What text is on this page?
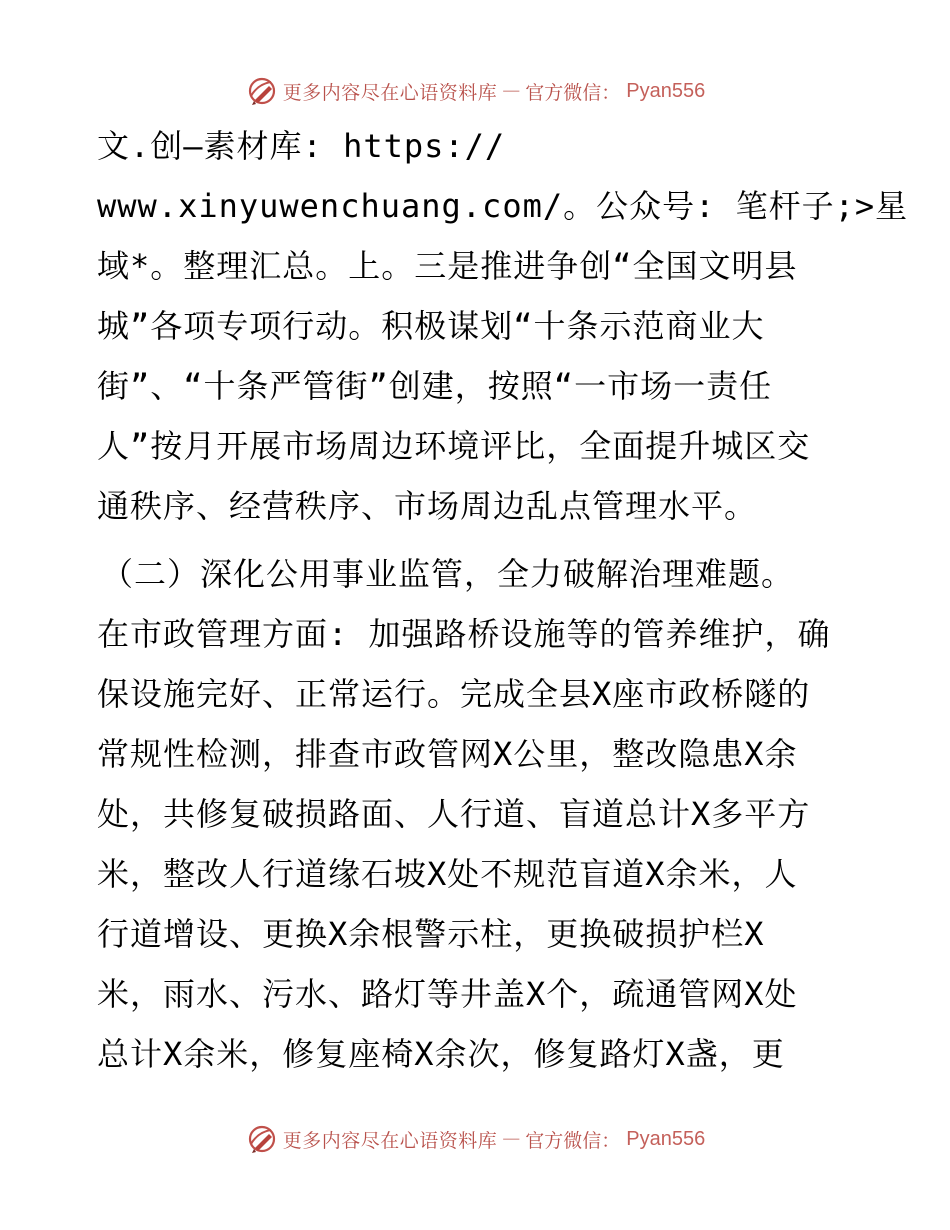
更多内容尽在心语资料库 — 官方微信： Pyan556
文.创—素材库: https://
www.xinyuwenchuang.com/。公众号: 笔杆子;>星
域*。整理汇总。上。三是推进争创“全国文明县
城”各项专项行动。积极谋划“十条示范商业大
街”、“十条严管街”创建，按照“一市场一责任
人”按月开展市场周边环境评比，全面提升城区交
通秩序、经营秩序、市场周边乱点管理水平。
（二）深化公用事业监管，全力破解治理难题。
在市政管理方面: 加强路桥设施等的管养维护，确
保设施完好、正常运行。完成全县X座市政桥隧的
常规性检测，排查市政管网X公里，整改隐患X余
处，共修复破损路面、人行道、盲道总计X多平方
米，整改人行道缘石坡X处不规范盲道X余米，人
行道增设、更换X余根警示柱，更换破损护栏X
米，雨水、污水、路灯等井盖X个，疏通管网X处
总计X余米，修复座椅X余次，修复路灯X盏，更
更多内容尽在心语资料库 — 官方微信： Pyan556
